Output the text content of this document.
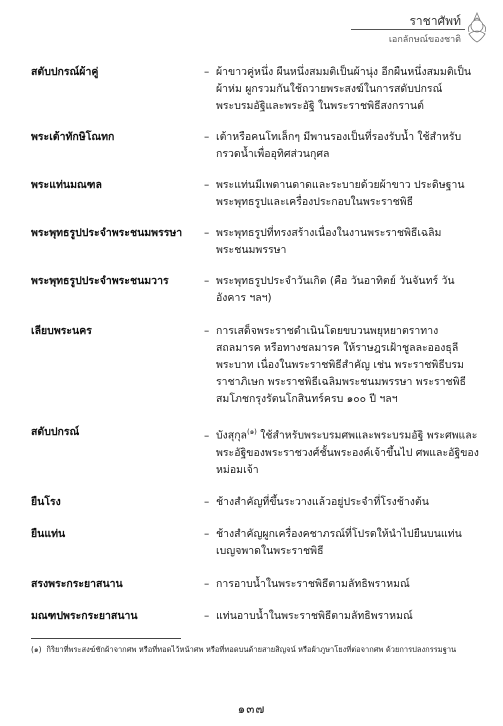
ราชาศัพท์
เอกลักษณ์ของชาติ
สตับปกรณ์ผ้าคู่	– ผ้าขาวคู่หนึ่ง ผืนหนึ่งสมมติเป็นผ้านุ่ง อีกผืนหนึ่งสมมติเป็นผ้าห่ม ผูกรวมกันใช้ถวายพระสงฆ์ในการสดับปกรณ์ พระบรมอัฐิและพระอัฐิ ในพระราชพิธีสงกรานต์
พระเต้าทักษิโณทก	– เต้าหรือคนโทเล็กๆ มีพานรองเป็นที่รองรับน้ำ ใช้สำหรับกรวดน้ำเพื่ออุทิศส่วนกุศล
พระแท่นมณฑล	– พระแท่นมีเพดานดาดและระบายด้วยผ้าขาว ประดิษฐาน พระพุทธรูปและเครื่องประกอบในพระราชพิธี
พระพุทธรูปประจำพระชนมพรรษา	– พระพุทธรูปที่ทรงสร้างเนื่องในงานพระราชพิธีเฉลิมพระชนมพรรษา
พระพุทธรูปประจำพระชนมวาร	– พระพุทธรูปประจำวันเกิด (คือ วันอาทิตย์ วันจันทร์ วันอังคาร ฯลฯ)
เลียบพระนคร	– การเสด็จพระราชดำเนินโดยขบวนพยุหยาตราทางสถลมารค หรือทางชลมารค ให้ราษฎรเฝ้าชูลละอองธุลีพระบาท เนื่องในพระราชพิธีสำคัญ เช่น พระราชพิธีบรมราชาภิเษก พระราชพิธีเฉลิมพระชนมพรรษา พระราชพิธีสมโภชกรุงรัตนโกสินทร์ครบ ๑๐๐ ปี ฯลฯ
สดับปกรณ์	– บังสุกุล$^{(๑)}$ ใช้สำหรับพระบรมศพและพระบรมอัฐิ พระศพและพระอัฐิของพระราชวงศ์ชั้นพระองค์เจ้าขึ้นไป ศพและอัฐิของหม่อมเจ้า
ยืนโรง	– ช้างสำคัญที่ขึ้นระวางแล้วอยู่ประจำที่โรงช้างต้น
ยืนแท่น	– ช้างสำคัญผูกเครื่องคชาภรณ์ที่โปรดให้นำไปยืนบนแท่นเบญจพาดในพระราชพิธี
สรงพระกระยาสนาน	– การอาบน้ำในพระราชพิธีตามลัทธิพราหมณ์
มณฑปพระกระยาสนาน	– แท่นอาบน้ำในพระราชพิธีตามลัทธิพราหมณ์
(๑) กิริยาที่พระสงฆ์ชักผ้าจากศพ หรือที่ทอดไว้หน้าศพ หรือที่ทอดบนด้ายสายสิญจน์ หรือผ้าภูษาโยงที่ต่อจากศพ ด้วยการปลงกรรมฐาน
๑๓๗
